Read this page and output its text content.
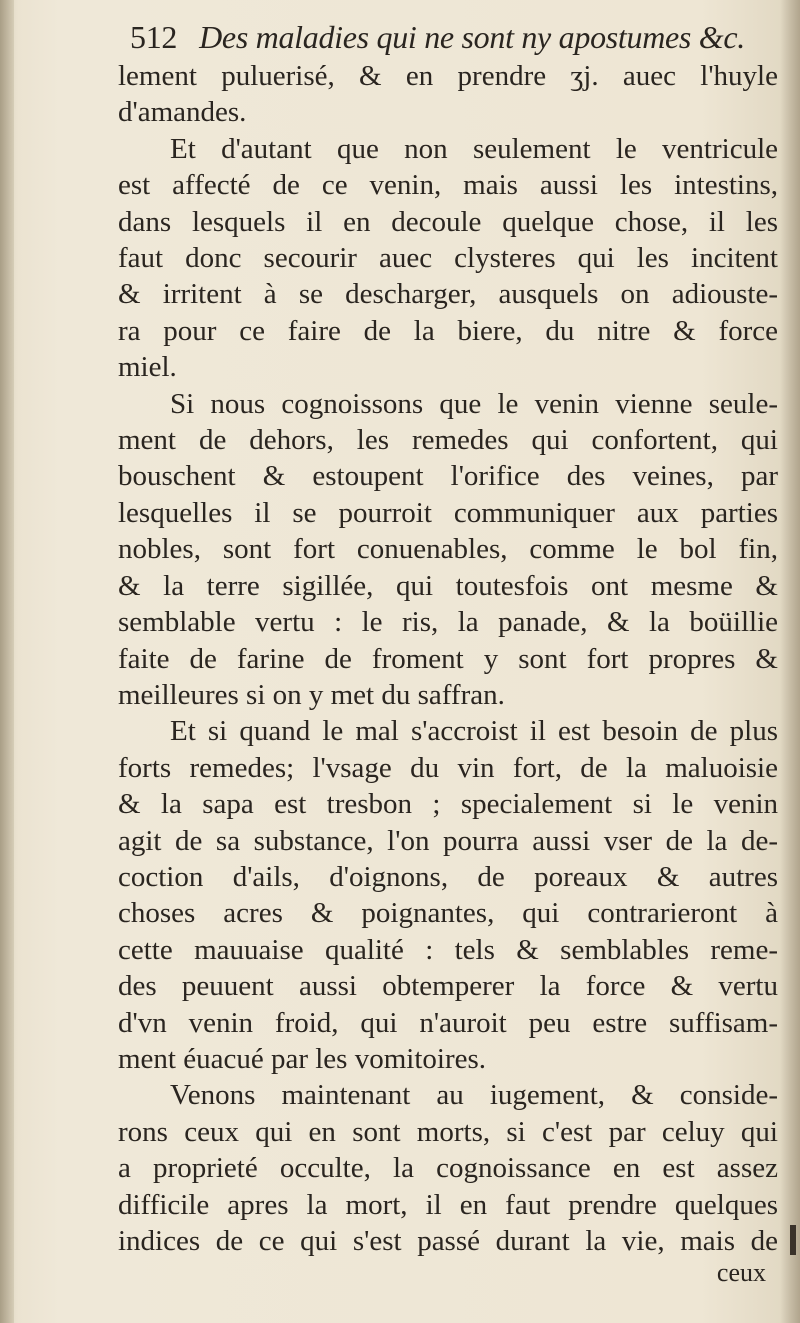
512 Des maladies qui ne sont ny apostumes &c.
lement puluerisé, & en prendre ʒj. auec l'huyle
d'amandes.
Et d'autant que non seulement le ventricule
est affecté de ce venin, mais aussi les intestins,
dans lesquels il en decoule quelque chose, il les
faut donc secourir auec clysteres qui les incitent
& irritent à se descharger, ausquels on adiouste-
ra pour ce faire de la biere, du nitre & force
miel.
Si nous cognoissons que le venin vienne seule-
ment de dehors, les remedes qui confortent, qui
bouschent & estoupent l'orifice des veines, par
lesquelles il se pourroit communiquer aux parties
nobles, sont fort conuenables, comme le bol fin,
& la terre sigillée, qui toutesfois ont mesme &
semblable vertu : le ris, la panade, & la boüillie
faite de farine de froment y sont fort propres &
meilleures si on y met du saffran.
Et si quand le mal s'accroist il est besoin de plus
forts remedes; l'vsage du vin fort, de la maluoisie
& la sapa est tresbon ; specialement si le venin
agit de sa substance, l'on pourra aussi vser de la de-
coction d'ails, d'oignons, de poreaux & autres
choses acres & poignantes, qui contrarieront à
cette mauuaise qualité : tels & semblables reme-
des peuuent aussi obtemperer la force & vertu
d'vn venin froid, qui n'auroit peu estre suffisam-
ment éuacué par les vomitoires.
Venons maintenant au iugement, & conside-
rons ceux qui en sont morts, si c'est par celuy qui
a proprieté occulte, la cognoissance en est assez
difficile apres la mort, il en faut prendre quelques
indices de ce qui s'est passé durant la vie, mais de
ceux
